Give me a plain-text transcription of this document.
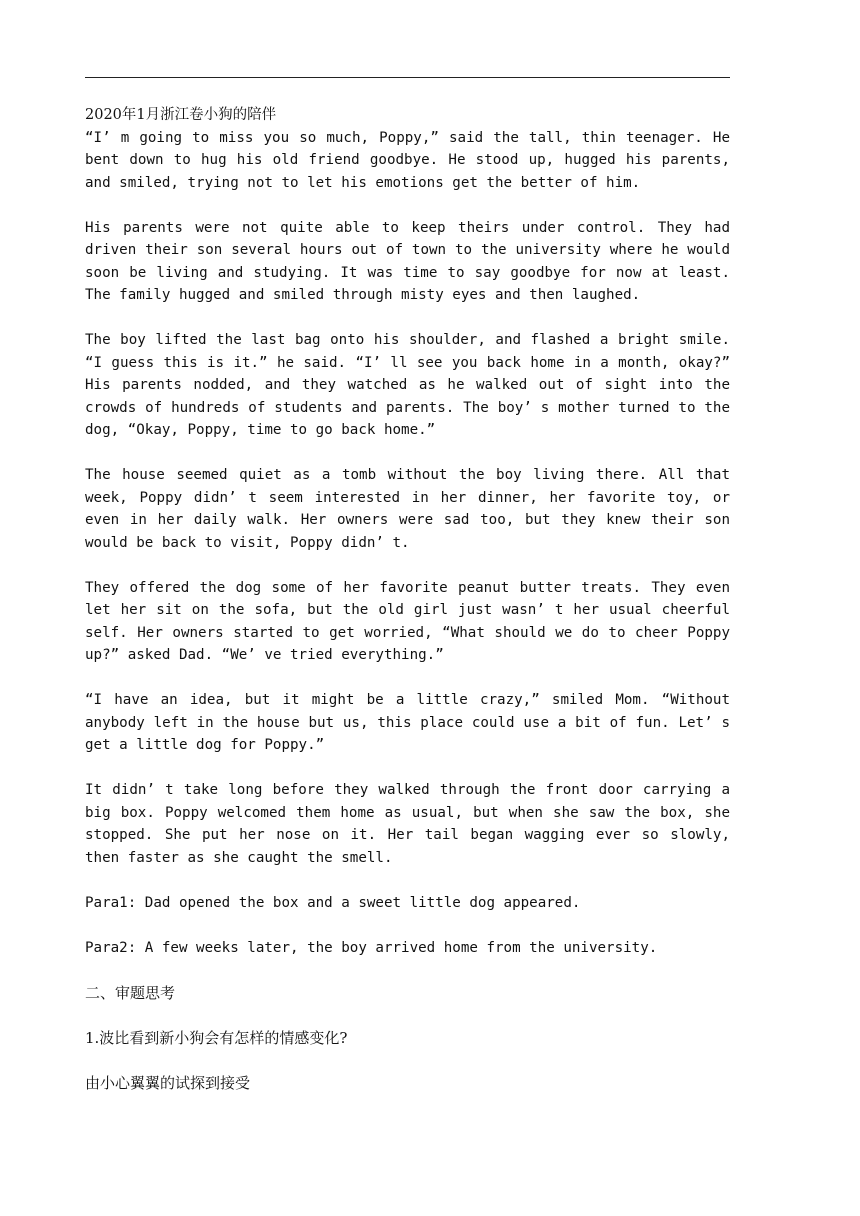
2020年1月浙江卷小狗的陪伴

“I’ m going to miss you so much, Poppy,” said the tall, thin teenager. He bent down to hug his old friend goodbye. He stood up, hugged his parents, and smiled, trying not to let his emotions get the better of him.

His parents were not quite able to keep theirs under control. They had driven their son several hours out of town to the university where he would soon be living and studying. It was time to say goodbye for now at least. The family hugged and smiled through misty eyes and then laughed.

The boy lifted the last bag onto his shoulder, and flashed a bright smile. “I guess this is it.” he said. “I’ ll see you back home in a month, okay?” His parents nodded, and they watched as he walked out of sight into the crowds of hundreds of students and parents. The boy’ s mother turned to the dog, “Okay, Poppy, time to go back home.”

The house seemed quiet as a tomb without the boy living there. All that week, Poppy didn’ t seem interested in her dinner, her favorite toy, or even in her daily walk. Her owners were sad too, but they knew their son would be back to visit, Poppy didn’ t.

They offered the dog some of her favorite peanut butter treats. They even let her sit on the sofa, but the old girl just wasn’ t her usual cheerful self. Her owners started to get worried, “What should we do to cheer Poppy up?” asked Dad. “We’ ve tried everything.”

“I have an idea, but it might be a little crazy,” smiled Mom. “Without anybody left in the house but us, this place could use a bit of fun. Let’ s get a little dog for Poppy.”

It didn’ t take long before they walked through the front door carrying a big box. Poppy welcomed them home as usual, but when she saw the box, she stopped. She put her nose on it. Her tail began wagging ever so slowly, then faster as she caught the smell.

Para1: Dad opened the box and a sweet little dog appeared.

Para2: A few weeks later, the boy arrived home from the university.

二、审题思考

1.波比看到新小狗会有怎样的情感变化?

由小心翼翼的试探到接受
